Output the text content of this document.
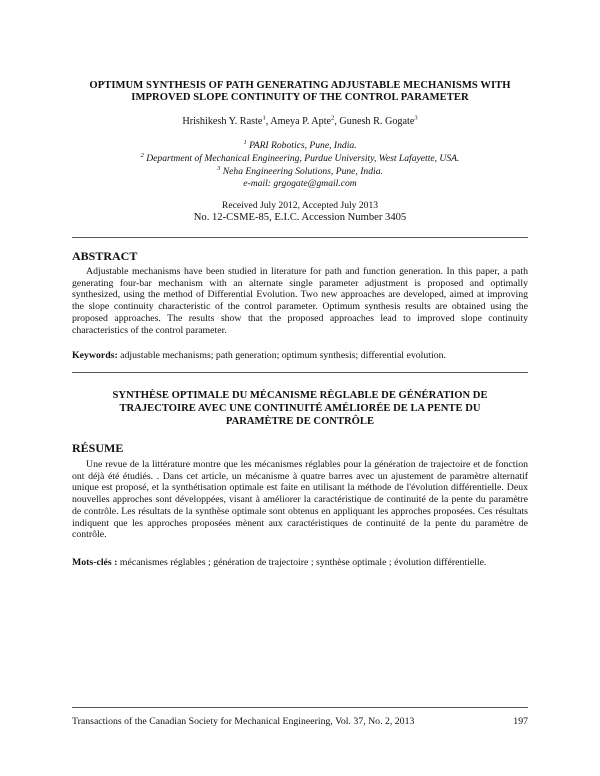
OPTIMUM SYNTHESIS OF PATH GENERATING ADJUSTABLE MECHANISMS WITH IMPROVED SLOPE CONTINUITY OF THE CONTROL PARAMETER
Hrishikesh Y. Raste$^1$, Ameya P. Apte$^2$, Gunesh R. Gogate$^3$
$^1$ PARI Robotics, Pune, India.
$^2$ Department of Mechanical Engineering, Purdue University, West Lafayette, USA.
$^3$ Neha Engineering Solutions, Pune, India.
e-mail: grgogate@gmail.com
Received July 2012, Accepted July 2013
No. 12-CSME-85, E.I.C. Accession Number 3405
ABSTRACT
Adjustable mechanisms have been studied in literature for path and function generation. In this paper, a path generating four-bar mechanism with an alternate single parameter adjustment is proposed and optimally synthesized, using the method of Differential Evolution. Two new approaches are developed, aimed at improving the slope continuity characteristic of the control parameter. Optimum synthesis results are obtained using the proposed approaches. The results show that the proposed approaches lead to improved slope continuity characteristics of the control parameter.
Keywords: adjustable mechanisms; path generation; optimum synthesis; differential evolution.
SYNTHÈSE OPTIMALE DU MÉCANISME RÈGLABLE DE GÉNÉRATION DE TRAJECTOIRE AVEC UNE CONTINUITÉ AMÉLIORÉE DE LA PENTE DU PARAMÈTRE DE CONTRÔLE
RÉSUME
Une revue de la littérature montre que les mécanismes réglables pour la génération de trajectoire et de fonction ont déjà été étudiés. . Dans cet article, un mécanisme à quatre barres avec un ajustement de paramètre alternatif unique est proposé, et la synthétisation optimale est faite en utilisant la méthode de l'évolution différentielle. Deux nouvelles approches sont développées, visant à améliorer la caractéristique de continuité de la pente du paramètre de contrôle. Les résultats de la synthèse optimale sont obtenus en appliquant les approches proposées. Ces résultats indiquent que les approches proposées mènent aux caractéristiques de continuité de la pente du paramètre de contrôle.
Mots-clés : mécanismes réglables ; génération de trajectoire ; synthèse optimale ; évolution différentielle.
Transactions of the Canadian Society for Mechanical Engineering, Vol. 37, No. 2, 2013	197
